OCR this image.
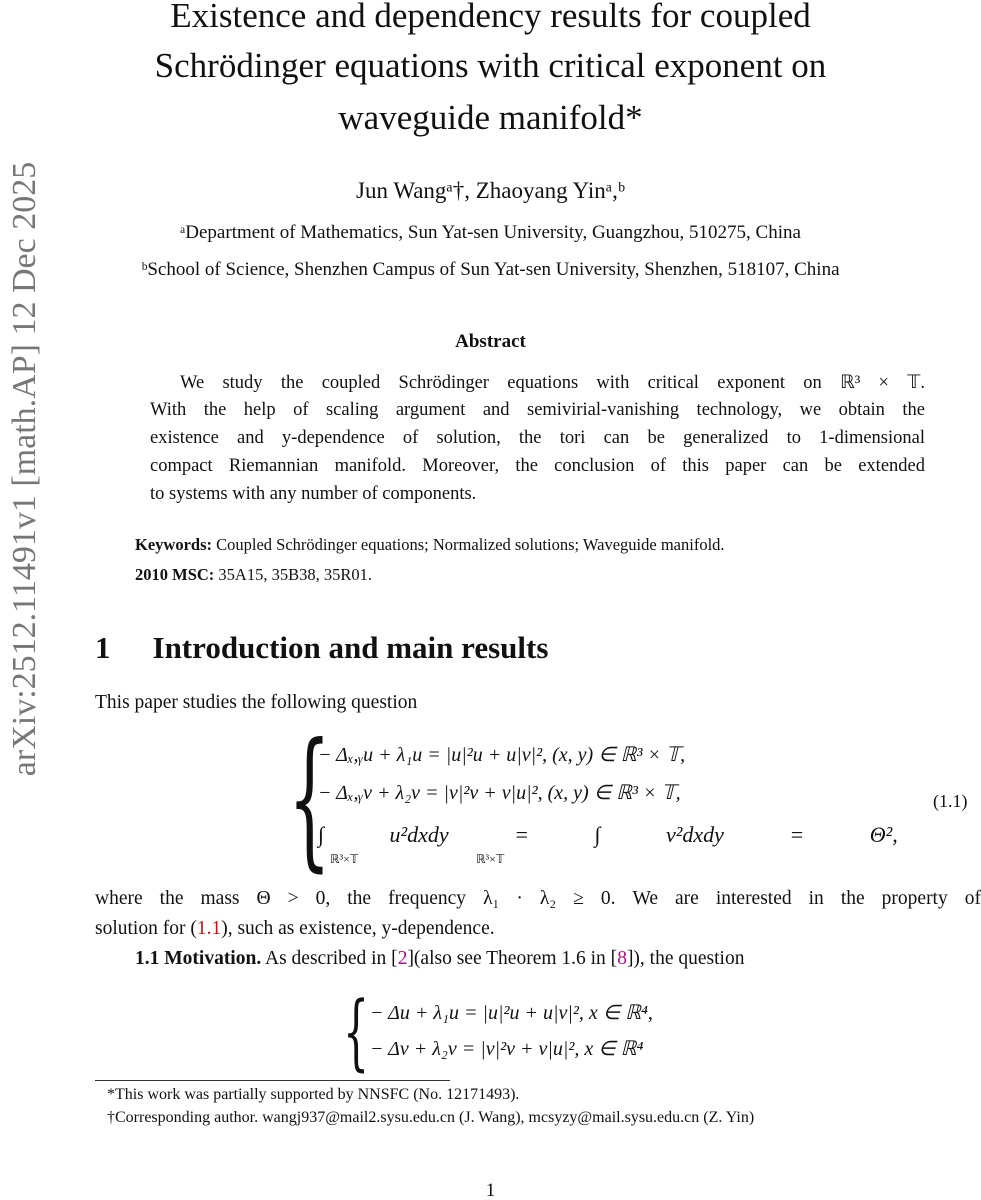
arXiv:2512.11491v1 [math.AP] 12 Dec 2025
Existence and dependency results for coupled
Schrödinger equations with critical exponent on
waveguide manifold*
Jun Wangᵃ†, Zhaoyang Yinᵃ,ᵇ
ᵃDepartment of Mathematics, Sun Yat-sen University, Guangzhou, 510275, China
ᵇSchool of Science, Shenzhen Campus of Sun Yat-sen University, Shenzhen, 518107, China
Abstract
We study the coupled Schrödinger equations with critical exponent on ℝ³ × 𝕋.
With the help of scaling argument and semivirial-vanishing technology, we obtain the
existence and y-dependence of solution, the tori can be generalized to 1-dimensional
compact Riemannian manifold. Moreover, the conclusion of this paper can be extended
to systems with any number of components.
Keywords: Coupled Schrödinger equations; Normalized solutions; Waveguide manifold.
2010 MSC: 35A15, 35B38, 35R01.
1 Introduction and main results
This paper studies the following question
{
− Δₓ,ᵧu + λ₁u = |u|²u + u|v|², (x, y) ∈ ℝ³ × 𝕋,
− Δₓ,ᵧv + λ₂v = |v|²v + v|u|², (x, y) ∈ ℝ³ × 𝕋,
∫ u²dxdy = ∫ v²dxdy = Θ²,
ℝ³×𝕋	ℝ³×𝕋
(1.1)
where the mass Θ > 0, the frequency λ₁ · λ₂ ≥ 0. We are interested in the property of
solution for (1.1), such as existence, y-dependence.
1.1 Motivation. As described in [2](also see Theorem 1.6 in [8]), the question
{ − Δu + λ₁u = |u|²u + u|v|², x ∈ ℝ⁴,
− Δv + λ₂v = |v|²v + v|u|², x ∈ ℝ⁴
*This work was partially supported by NNSFC (No. 12171493).
†Corresponding author. wangj937@mail2.sysu.edu.cn (J. Wang), mcsyzy@mail.sysu.edu.cn (Z. Yin)
1
